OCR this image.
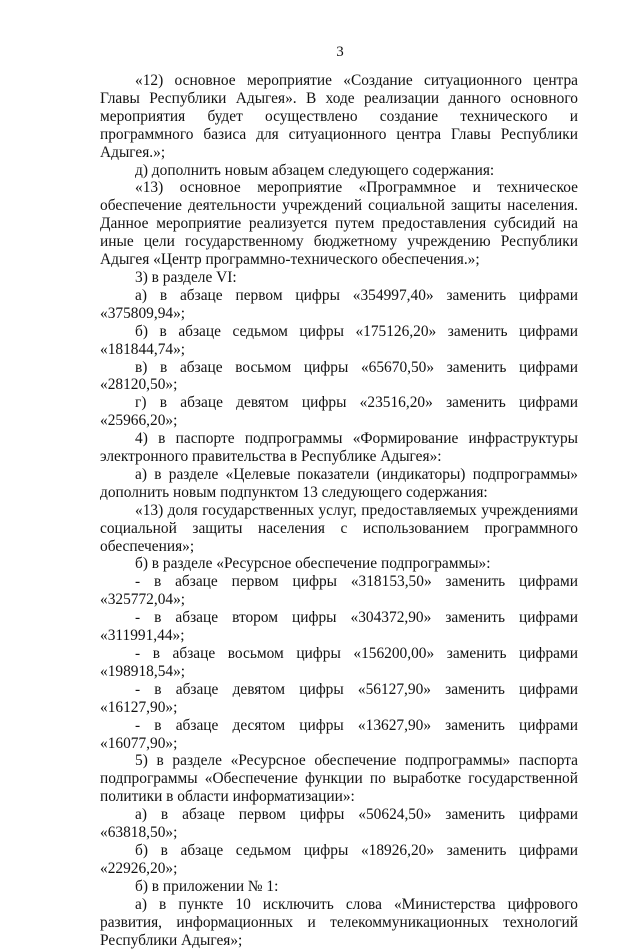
3

«12) основное мероприятие «Создание ситуационного центра Главы Республики Адыгея». В ходе реализации данного основного мероприятия будет осуществлено создание технического и программного базиса для ситуационного центра Главы Республики Адыгея.»;

д) дополнить новым абзацем следующего содержания:

«13) основное мероприятие «Программное и техническое обеспечение деятельности учреждений социальной защиты населения. Данное мероприятие реализуется путем предоставления субсидий на иные цели государственному бюджетному учреждению Республики Адыгея «Центр программно-технического обеспечения.»;

3) в разделе VI:

а) в абзаце первом цифры «354997,40» заменить цифрами «375809,94»;

б) в абзаце седьмом цифры «175126,20» заменить цифрами «181844,74»;

в) в абзаце восьмом цифры «65670,50» заменить цифрами «28120,50»;

г) в абзаце девятом цифры «23516,20» заменить цифрами «25966,20»;

4) в паспорте подпрограммы «Формирование инфраструктуры электронного правительства в Республике Адыгея»:

а) в разделе «Целевые показатели (индикаторы) подпрограммы» дополнить новым подпунктом 13 следующего содержания:

«13) доля государственных услуг, предоставляемых учреждениями социальной защиты населения с использованием программного обеспечения»;

б) в разделе «Ресурсное обеспечение подпрограммы»:

- в абзаце первом цифры «318153,50» заменить цифрами «325772,04»;

- в абзаце втором цифры «304372,90» заменить цифрами «311991,44»;

- в абзаце восьмом цифры «156200,00» заменить цифрами «198918,54»;

- в абзаце девятом цифры «56127,90» заменить цифрами «16127,90»;

- в абзаце десятом цифры «13627,90» заменить цифрами «16077,90»;

5) в разделе «Ресурсное обеспечение подпрограммы» паспорта подпрограммы «Обеспечение функции по выработке государственной политики в области информатизации»:

а) в абзаце первом цифры «50624,50» заменить цифрами «63818,50»;

б) в абзаце седьмом цифры «18926,20» заменить цифрами «22926,20»;

б) в приложении № 1:

а) в пункте 10 исключить слова «Министерства цифрового развития, информационных и телекоммуникационных технологий Республики Адыгея»;
